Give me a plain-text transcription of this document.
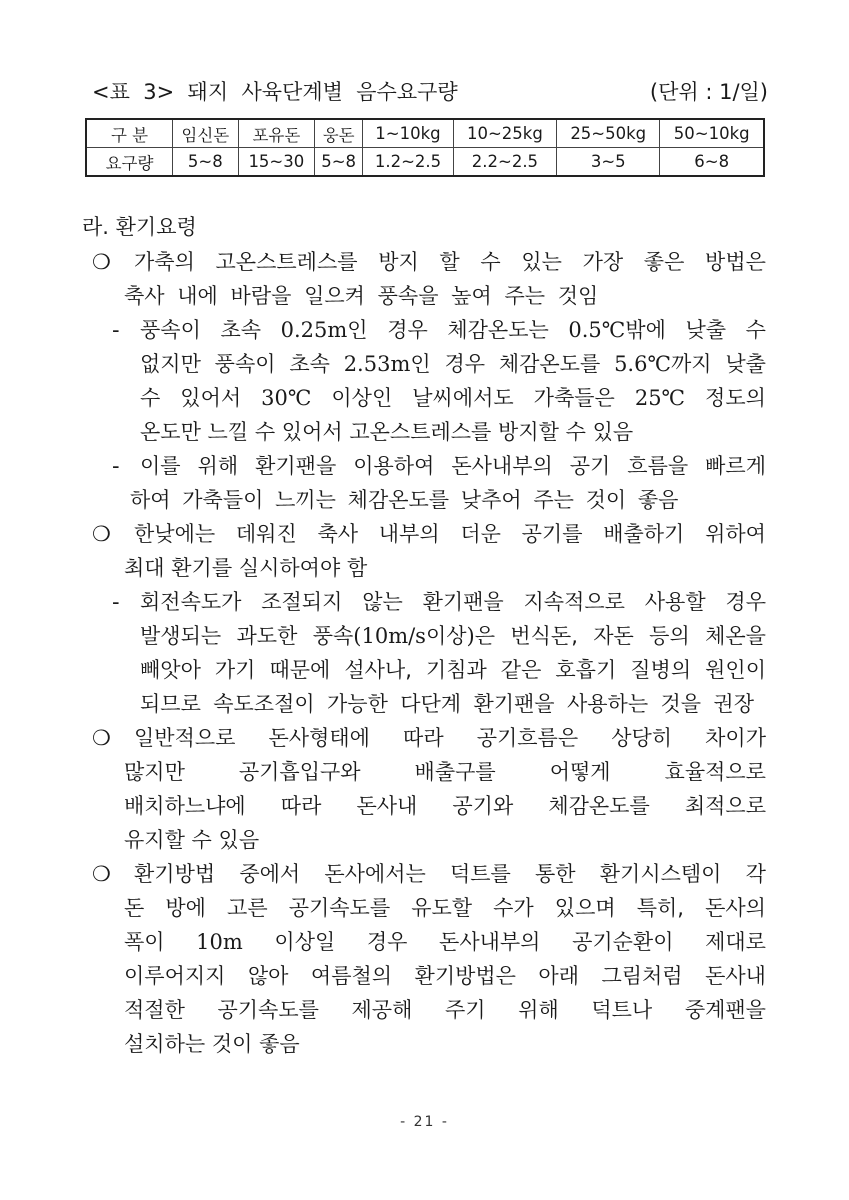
<표  3>  돼지  사육단계별  음수요구량	(단위 : 1/일)
구 분	임신돈	포유돈	웅돈	1~10kg	10~25kg	25~50kg	50~10kg
요구량	5~8	15~30	5~8	1.2~2.5	2.2~2.5	3~5	6~8
라. 환기요령
❍
-
-
❍
-
❍
❍
가축의 고온스트레스를 방지 할 수 있는 가장 좋은 방법은
축사 내에 바람을 일으켜 풍속을 높여 주는 것임
풍속이 초속 0.25m인 경우 체감온도는 0.5℃밖에 낮출 수
없지만 풍속이 초속 2.53m인 경우 체감온도를 5.6℃까지 낮출
수 있어서 30℃ 이상인 날씨에서도 가축들은 25℃ 정도의
온도만 느낄 수 있어서 고온스트레스를 방지할 수 있음
이를 위해 환기팬을 이용하여 돈사내부의 공기 흐름을 빠르게
하여 가축들이 느끼는 체감온도를 낮추어 주는 것이 좋음
한낮에는 데워진 축사 내부의 더운 공기를 배출하기 위하여
최대 환기를 실시하여야 함
회전속도가 조절되지 않는 환기팬을 지속적으로 사용할 경우
발생되는 과도한 풍속(10m/s이상)은 번식돈, 자돈 등의 체온을
빼앗아 가기 때문에 설사나, 기침과 같은 호흡기 질병의 원인이
되므로 속도조절이 가능한 다단계 환기팬을 사용하는 것을 권장
일반적으로 돈사형태에 따라 공기흐름은 상당히 차이가
많지만	공기흡입구와	배출구를	어떻게	효율적으로
배치하느냐에 따라 돈사내 공기와 체감온도를 최적으로
유지할 수 있음
환기방법 중에서 돈사에서는 덕트를 통한 환기시스템이 각
돈 방에 고른 공기속도를 유도할 수가 있으며 특히, 돈사의
폭이 10m 이상일 경우 돈사내부의 공기순환이 제대로
이루어지지 않아 여름철의 환기방법은 아래 그림처럼 돈사내
적절한 공기속도를 제공해 주기 위해 덕트나 중계팬을
설치하는 것이 좋음
- 21 -
